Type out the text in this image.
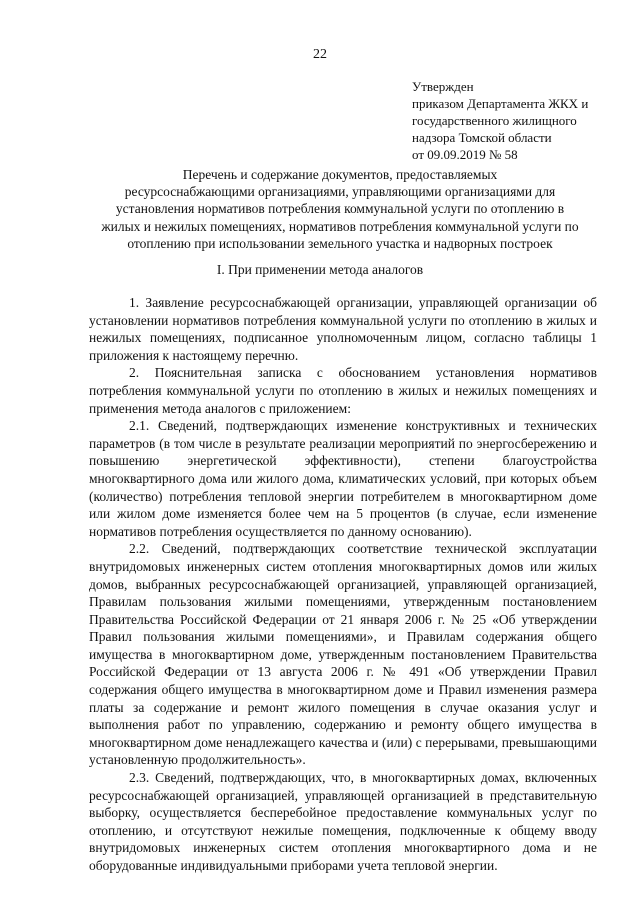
22
Утвержден
приказом Департамента ЖКХ и
государственного жилищного
надзора Томской области
от 09.09.2019 № 58
Перечень и содержание документов, предоставляемых
ресурсоснабжающими организациями, управляющими организациями для
установления нормативов потребления коммунальной услуги по отоплению в
жилых и нежилых помещениях, нормативов потребления коммунальной услуги по
отоплению при использовании земельного участка и надворных построек
I. При применении метода аналогов

1. Заявление ресурсоснабжающей организации, управляющей организации об установлении нормативов потребления коммунальной услуги по отоплению в жилых и нежилых помещениях, подписанное уполномоченным лицом, согласно таблицы 1 приложения к настоящему перечню.

2. Пояснительная записка с обоснованием установления нормативов потребления коммунальной услуги по отоплению в жилых и нежилых помещениях и применения метода аналогов с приложением:

2.1. Сведений, подтверждающих изменение конструктивных и технических параметров (в том числе в результате реализации мероприятий по энергосбережению и повышению энергетической эффективности), степени благоустройства многоквартирного дома или жилого дома, климатических условий, при которых объем (количество) потребления тепловой энергии потребителем в многоквартирном доме или жилом доме изменяется более чем на 5 процентов (в случае, если изменение нормативов потребления осуществляется по данному основанию).

2.2. Сведений, подтверждающих соответствие технической эксплуатации внутридомовых инженерных систем отопления многоквартирных домов или жилых домов, выбранных ресурсоснабжающей организацией, управляющей организацией, Правилам пользования жилыми помещениями, утвержденным постановлением Правительства Российской Федерации от 21 января 2006 г. № 25 «Об утверждении Правил пользования жилыми помещениями», и Правилам содержания общего имущества в многоквартирном доме, утвержденным постановлением Правительства Российской Федерации от 13 августа 2006 г. № 491 «Об утверждении Правил содержания общего имущества в многоквартирном доме и Правил изменения размера платы за содержание и ремонт жилого помещения в случае оказания услуг и выполнения работ по управлению, содержанию и ремонту общего имущества в многоквартирном доме ненадлежащего качества и (или) с перерывами, превышающими установленную продолжительность».

2.3. Сведений, подтверждающих, что, в многоквартирных домах, включенных ресурсоснабжающей организацией, управляющей организацией в представительную выборку, осуществляется бесперебойное предоставление коммунальных услуг по отоплению, и отсутствуют нежилые помещения, подключенные к общему вводу внутридомовых инженерных систем отопления многоквартирного дома и не оборудованные индивидуальными приборами учета тепловой энергии.
